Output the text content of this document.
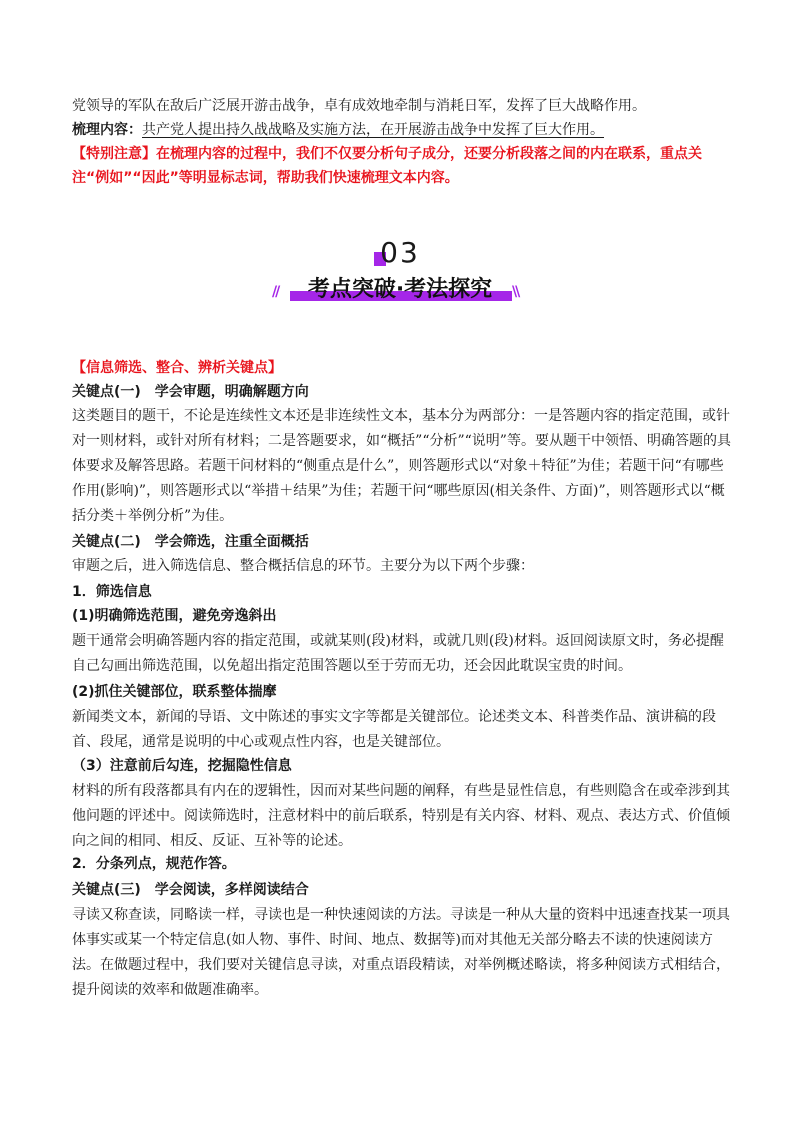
党领导的军队在敌后广泛展开游击战争，卓有成效地牵制与消耗日军，发挥了巨大战略作用。

梳理内容：共产党人提出持久战战略及实施方法，在开展游击战争中发挥了巨大作用。

【特别注意】在梳理内容的过程中，我们不仅要分析句子成分，还要分析段落之间的内在联系，重点关注“例如”“因此”等明显标志词，帮助我们快速梳理文本内容。

03
//	考点突破·考法探究	\\

【信息筛选、整合、辨析关键点】

关键点(一)　学会审题，明确解题方向

这类题目的题干，不论是连续性文本还是非连续性文本，基本分为两部分：一是答题内容的指定范围，或针对一则材料，或针对所有材料；二是答题要求，如“概括”“分析”“说明”等。要从题干中领悟、明确答题的具体要求及解答思路。若题干问材料的“侧重点是什么”，则答题形式以“对象＋特征”为佳；若题干问“有哪些作用(影响)”，则答题形式以“举措＋结果”为佳；若题干问“哪些原因(相关条件、方面)”，则答题形式以“概括分类＋举例分析”为佳。

关键点(二)　学会筛选，注重全面概括

审题之后，进入筛选信息、整合概括信息的环节。主要分为以下两个步骤：

1．筛选信息

(1)明确筛选范围，避免旁逸斜出

题干通常会明确答题内容的指定范围，或就某则(段)材料，或就几则(段)材料。返回阅读原文时，务必提醒自己勾画出筛选范围，以免超出指定范围答题以至于劳而无功，还会因此耽误宝贵的时间。

(2)抓住关键部位，联系整体揣摩

新闻类文本，新闻的导语、文中陈述的事实文字等都是关键部位。论述类文本、科普类作品、演讲稿的段首、段尾，通常是说明的中心或观点性内容，也是关键部位。

（3）注意前后勾连，挖掘隐性信息

材料的所有段落都具有内在的逻辑性，因而对某些问题的阐释，有些是显性信息，有些则隐含在或牵涉到其他问题的评述中。阅读筛选时，注意材料中的前后联系，特别是有关内容、材料、观点、表达方式、价值倾向之间的相同、相反、反证、互补等的论述。

2．分条列点，规范作答。

关键点(三)　学会阅读，多样阅读结合

寻读又称查读，同略读一样，寻读也是一种快速阅读的方法。寻读是一种从大量的资料中迅速查找某一项具体事实或某一个特定信息(如人物、事件、时间、地点、数据等)而对其他无关部分略去不读的快速阅读方法。在做题过程中，我们要对关键信息寻读，对重点语段精读，对举例概述略读，将多种阅读方式相结合，提升阅读的效率和做题准确率。
